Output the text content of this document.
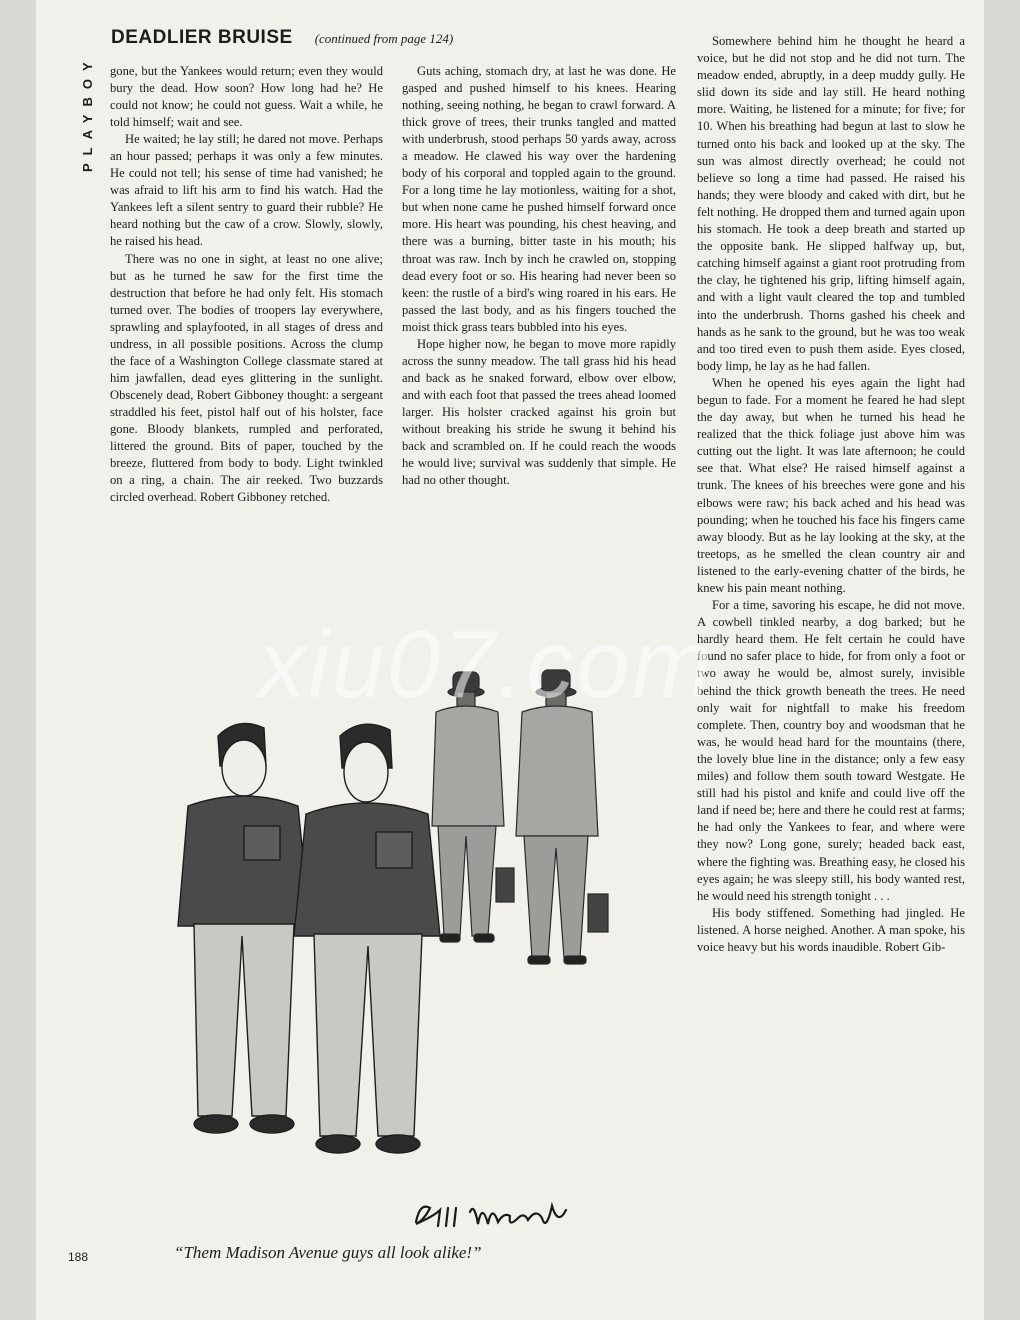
PLAYBOY
DEADLIER BRUISE (continued from page 124)

gone, but the Yankees would return; even they would bury the dead. How soon? How long had he? He could not know; he could not guess. Wait a while, he told himself; wait and see.

He waited; he lay still; he dared not move. Perhaps an hour passed; perhaps it was only a few minutes. He could not tell; his sense of time had vanished; he was afraid to lift his arm to find his watch. Had the Yankees left a silent sentry to guard their rubble? He heard nothing but the caw of a crow. Slowly, slowly, he raised his head.

There was no one in sight, at least no one alive; but as he turned he saw for the first time the destruction that before he had only felt. His stomach turned over. The bodies of troopers lay everywhere, sprawling and splayfooted, in all stages of dress and undress, in all possible positions. Across the clump the face of a Washington College classmate stared at him jawfallen, dead eyes glittering in the sunlight. Obscenely dead, Robert Gibboney thought: a sergeant straddled his feet, pistol half out of his holster, face gone. Bloody blankets, rumpled and perforated, littered the ground. Bits of paper, touched by the breeze, fluttered from body to body. Light twinkled on a ring, a chain. The air reeked. Two buzzards circled overhead. Robert Gibboney retched.

Guts aching, stomach dry, at last he was done. He gasped and pushed himself to his knees. Hearing nothing, seeing nothing, he began to crawl forward. A thick grove of trees, their trunks tangled and matted with underbrush, stood perhaps 50 yards away, across a meadow. He clawed his way over the hardening body of his corporal and toppled again to the ground. For a long time he lay motionless, waiting for a shot, but when none came he pushed himself forward once more. His heart was pounding, his chest heaving, and there was a burning, bitter taste in his mouth; his throat was raw. Inch by inch he crawled on, stopping dead every foot or so. His hearing had never been so keen: the rustle of a bird's wing roared in his ears. He passed the last body, and as his fingers touched the moist thick grass tears bubbled into his eyes.

Hope higher now, he began to move more rapidly across the sunny meadow. The tall grass hid his head and back as he snaked forward, elbow over elbow, and with each foot that passed the trees ahead loomed larger. His holster cracked against his groin but without breaking his stride he swung it behind his back and scrambled on. If he could reach the woods he would live; survival was suddenly that simple. He had no other thought.

Somewhere behind him he thought he heard a voice, but he did not stop and he did not turn. The meadow ended, abruptly, in a deep muddy gully. He slid down its side and lay still. He heard nothing more. Waiting, he listened for a minute; for five; for 10. When his breathing had begun at last to slow he turned onto his back and looked up at the sky. The sun was almost directly overhead; he could not believe so long a time had passed. He raised his hands; they were bloody and caked with dirt, but he felt nothing. He dropped them and turned again upon his stomach. He took a deep breath and started up the opposite bank. He slipped halfway up, but, catching himself against a giant root protruding from the clay, he tightened his grip, lifting himself again, and with a light vault cleared the top and tumbled into the underbrush. Thorns gashed his cheek and hands as he sank to the ground, but he was too weak and too tired even to push them aside. Eyes closed, body limp, he lay as he had fallen.

When he opened his eyes again the light had begun to fade. For a moment he feared he had slept the day away, but when he turned his head he realized that the thick foliage just above him was cutting out the light. It was late afternoon; he could see that. What else? He raised himself against a trunk. The knees of his breeches were gone and his elbows were raw; his back ached and his head was pounding; when he touched his face his fingers came away bloody. But as he lay looking at the sky, at the treetops, as he smelled the clean country air and listened to the early-evening chatter of the birds, he knew his pain meant nothing.

For a time, savoring his escape, he did not move. A cowbell tinkled nearby, a dog barked; but he hardly heard them. He felt certain he could have found no safer place to hide, for from only a foot or two away he would be, almost surely, invisible behind the thick growth beneath the trees. He need only wait for nightfall to make his freedom complete. Then, country boy and woodsman that he was, he would head hard for the mountains (there, the lovely blue line in the distance; only a few easy miles) and follow them south toward Westgate. He still had his pistol and knife and could live off the land if need be; here and there he could rest at farms; he had only the Yankees to fear, and where were they now? Long gone, surely; headed back east, where the fighting was. Breathing easy, he closed his eyes again; he was sleepy still, his body wanted rest, he would need his strength tonight . . .

His body stiffened. Something had jingled. He listened. A horse neighed. Another. A man spoke, his voice heavy but his words inaudible. Robert Gib-

“Them Madison Avenue guys all look alike!”
188
xiu07.com
